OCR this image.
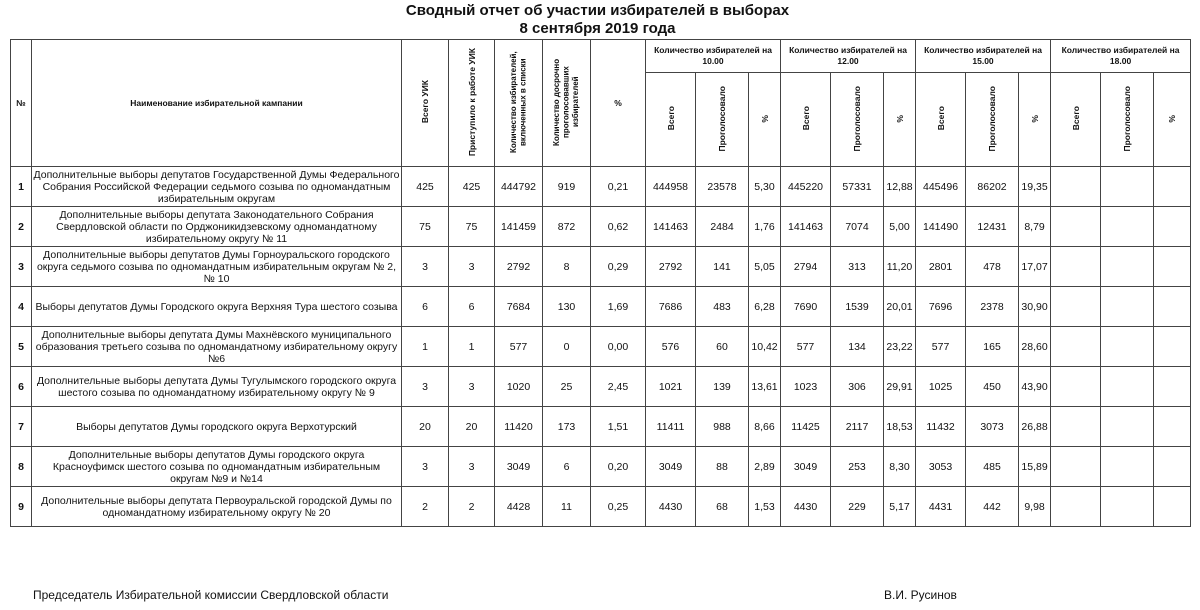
Сводный отчет об участии избирателей в выборах
8 сентября 2019 года
№	Наименование избирательной кампании	Всего УИК	Приступило к работе УИК	Количество избирателей, включенных в списки	Количество досрочно проголосовавших избирателей	%	Количество избирателей на 10.00			Количество избирателей на 12.00			Количество избирателей на 15.00			Количество избирателей на 18.00		
							Всего	Проголосовало	%	Всего	Проголосовало	%	Всего	Проголосовало	%	Всего	Проголосовало	%
1	Дополнительные выборы депутатов Государственной Думы Федерального Собрания Российской Федерации седьмого созыва по одномандатным избирательным округам	425	425	444792	919	0,21	444958	23578	5,30	445220	57331	12,88	445496	86202	19,35			
2	Дополнительные выборы депутата Законодательного Собрания Свердловской области по Орджоникидзевскому одномандатному избирательному округу № 11	75	75	141459	872	0,62	141463	2484	1,76	141463	7074	5,00	141490	12431	8,79			
3	Дополнительные выборы депутатов Думы Горноуральского городского округа седьмого созыва по одномандатным избирательным округам № 2, № 10	3	3	2792	8	0,29	2792	141	5,05	2794	313	11,20	2801	478	17,07			
4	Выборы депутатов Думы Городского округа Верхняя Тура шестого созыва	6	6	7684	130	1,69	7686	483	6,28	7690	1539	20,01	7696	2378	30,90			
5	Дополнительные выборы депутата Думы Махнёвского муниципального образования третьего созыва по одномандатному избирательному округу №6	1	1	577	0	0,00	576	60	10,42	577	134	23,22	577	165	28,60			
6	Дополнительные выборы депутата Думы Тугулымского городского округа шестого созыва по одномандатному избирательному округу № 9	3	3	1020	25	2,45	1021	139	13,61	1023	306	29,91	1025	450	43,90			
7	Выборы депутатов Думы городского округа Верхотурский	20	20	11420	173	1,51	11411	988	8,66	11425	2117	18,53	11432	3073	26,88			
8	Дополнительные выборы депутатов Думы городского округа Красноуфимск шестого созыва по одномандатным избирательным округам №9 и №14	3	3	3049	6	0,20	3049	88	2,89	3049	253	8,30	3053	485	15,89			
9	Дополнительные выборы депутата Первоуральской городской Думы по одномандатному избирательному округу № 20	2	2	4428	11	0,25	4430	68	1,53	4430	229	5,17	4431	442	9,98			
Председатель Избирательной комиссии Свердловской области	В.И. Русинов
